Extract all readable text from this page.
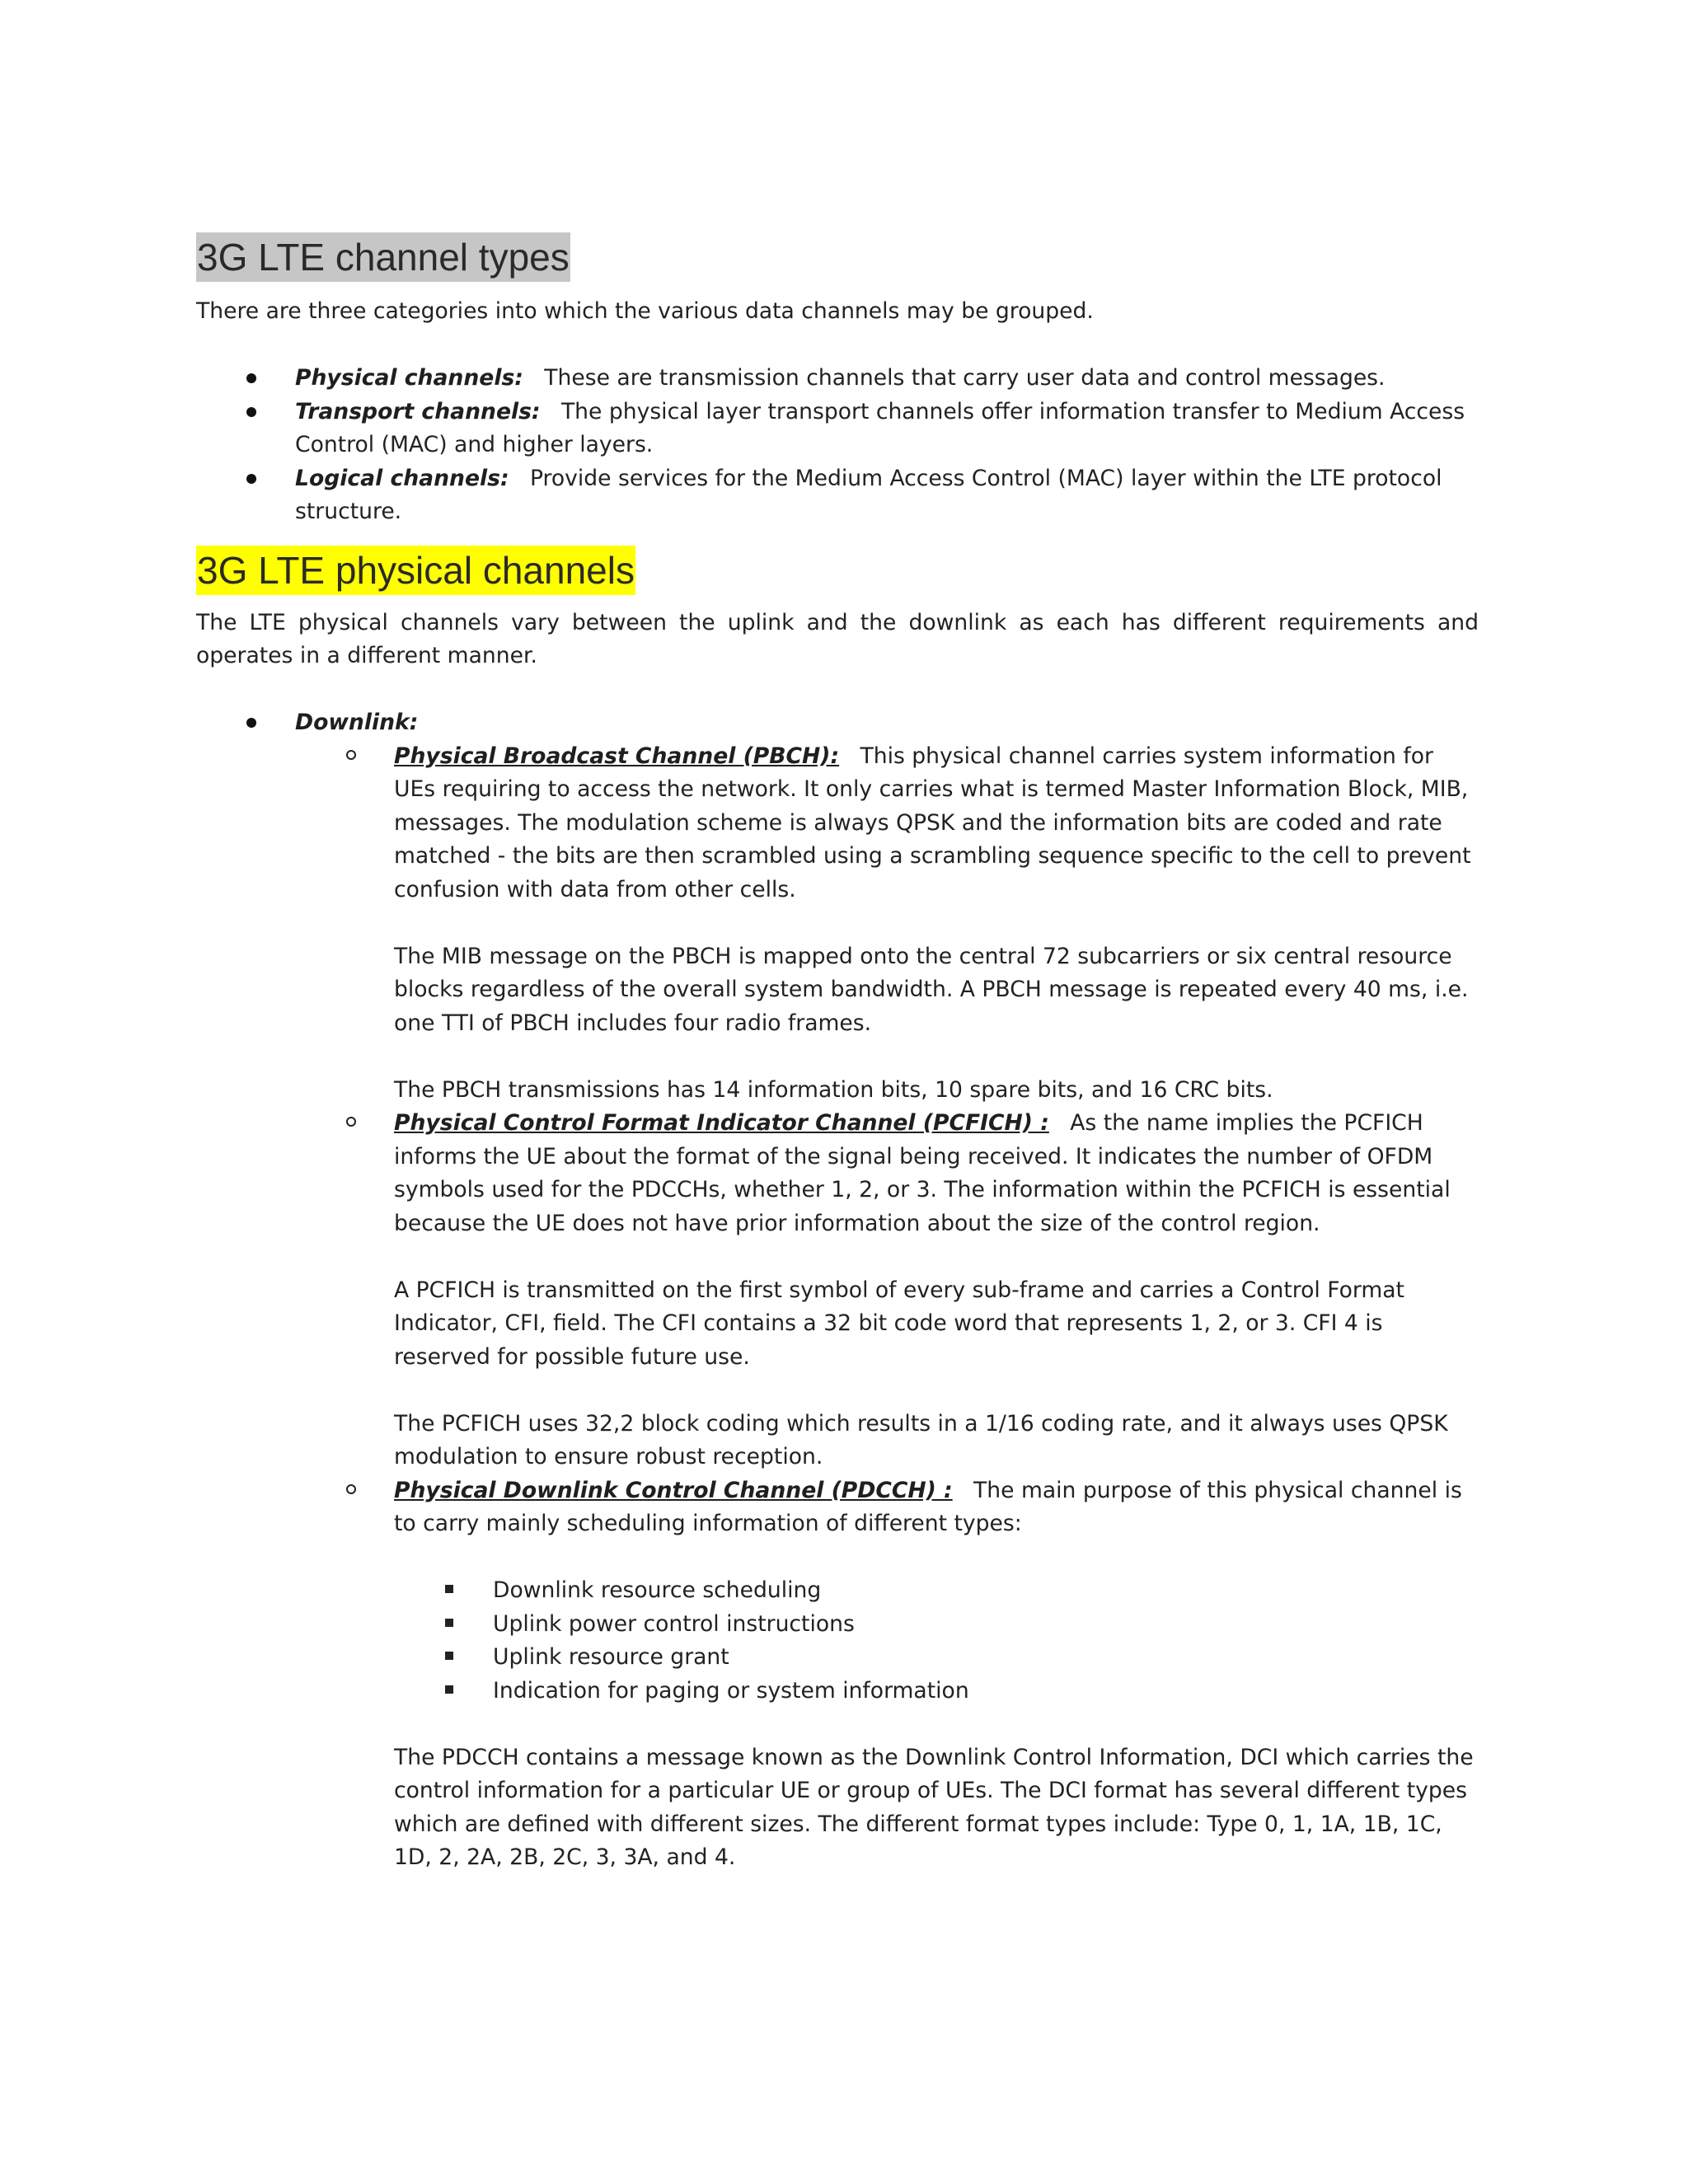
3G LTE channel types

There are three categories into which the various data channels may be grouped.

Physical channels: These are transmission channels that carry user data and control messages.
Transport channels: The physical layer transport channels offer information transfer to Medium Access Control (MAC) and higher layers.
Logical channels: Provide services for the Medium Access Control (MAC) layer within the LTE protocol structure.
3G LTE physical channels

The LTE physical channels vary between the uplink and the downlink as each has different requirements and operates in a different manner.

Downlink:

Physical Broadcast Channel (PBCH): This physical channel carries system information for UEs requiring to access the network. It only carries what is termed Master Information Block, MIB, messages. The modulation scheme is always QPSK and the information bits are coded and rate matched - the bits are then scrambled using a scrambling sequence specific to the cell to prevent confusion with data from other cells.

The MIB message on the PBCH is mapped onto the central 72 subcarriers or six central resource blocks regardless of the overall system bandwidth. A PBCH message is repeated every 40 ms, i.e. one TTI of PBCH includes four radio frames.

The PBCH transmissions has 14 information bits, 10 spare bits, and 16 CRC bits.

Physical Control Format Indicator Channel (PCFICH) : As the name implies the PCFICH informs the UE about the format of the signal being received. It indicates the number of OFDM symbols used for the PDCCHs, whether 1, 2, or 3. The information within the PCFICH is essential because the UE does not have prior information about the size of the control region.

A PCFICH is transmitted on the first symbol of every sub-frame and carries a Control Format Indicator, CFI, field. The CFI contains a 32 bit code word that represents 1, 2, or 3. CFI 4 is reserved for possible future use.

The PCFICH uses 32,2 block coding which results in a 1/16 coding rate, and it always uses QPSK modulation to ensure robust reception.

Physical Downlink Control Channel (PDCCH) : The main purpose of this physical channel is to carry mainly scheduling information of different types:

Downlink resource scheduling
Uplink power control instructions
Uplink resource grant
Indication for paging or system information

The PDCCH contains a message known as the Downlink Control Information, DCI which carries the control information for a particular UE or group of UEs. The DCI format has several different types which are defined with different sizes. The different format types include: Type 0, 1, 1A, 1B, 1C, 1D, 2, 2A, 2B, 2C, 3, 3A, and 4.
